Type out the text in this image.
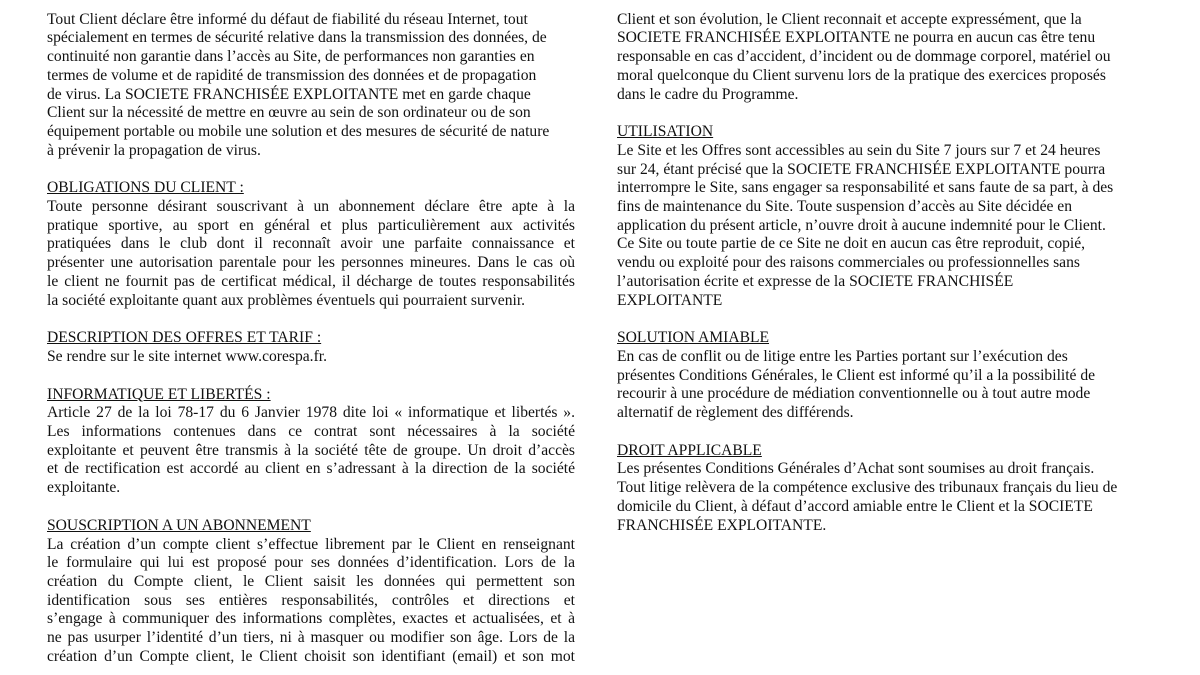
Tout Client déclare être informé du défaut de fiabilité du réseau Internet, tout
spécialement en termes de sécurité relative dans la transmission des données, de
continuité non garantie dans l’accès au Site, de performances non garanties en
termes de volume et de rapidité de transmission des données et de propagation
de virus. La SOCIETE FRANCHISÉE EXPLOITANTE met en garde chaque
Client sur la nécessité de mettre en œuvre au sein de son ordinateur ou de son
équipement portable ou mobile une solution et des mesures de sécurité de nature
à prévenir la propagation de virus.
OBLIGATIONS DU CLIENT :
Toute personne désirant souscrivant à un abonnement déclare être apte à la
pratique sportive, au sport en général et plus particulièrement aux activités
pratiquées dans le club dont il reconnaît avoir une parfaite connaissance et
présenter une autorisation parentale pour les personnes mineures. Dans le cas où
le client ne fournit pas de certificat médical, il décharge de toutes responsabilités
la société exploitante quant aux problèmes éventuels qui pourraient survenir.
DESCRIPTION DES OFFRES ET TARIF :
Se rendre sur le site internet www.corespa.fr.
INFORMATIQUE ET LIBERTÉS :
Article 27 de la loi 78-17 du 6 Janvier 1978 dite loi « informatique et libertés ».
Les informations contenues dans ce contrat sont nécessaires à la société
exploitante et peuvent être transmis à la société tête de groupe. Un droit d’accès
et de rectification est accordé au client en s’adressant à la direction de la société
exploitante.
SOUSCRIPTION A UN ABONNEMENT
La création d’un compte client s’effectue librement par le Client en renseignant
le formulaire qui lui est proposé pour ses données d’identification. Lors de la
création du Compte client, le Client saisit les données qui permettent son
identification sous ses entières responsabilités, contrôles et directions et
s’engage à communiquer des informations complètes, exactes et actualisées, et à
ne pas usurper l’identité d’un tiers, ni à masquer ou modifier son âge. Lors de la
création d’un Compte client, le Client choisit son identifiant (email) et son mot
Client et son évolution, le Client reconnait et accepte expressément, que la
SOCIETE FRANCHISÉE EXPLOITANTE ne pourra en aucun cas être tenu
responsable en cas d’accident, d’incident ou de dommage corporel, matériel ou
moral quelconque du Client survenu lors de la pratique des exercices proposés
dans le cadre du Programme.
UTILISATION
Le Site et les Offres sont accessibles au sein du Site 7 jours sur 7 et 24 heures
sur 24, étant précisé que la SOCIETE FRANCHISÉE EXPLOITANTE pourra
interrompre le Site, sans engager sa responsabilité et sans faute de sa part, à des
fins de maintenance du Site. Toute suspension d’accès au Site décidée en
application du présent article, n’ouvre droit à aucune indemnité pour le Client.
Ce Site ou toute partie de ce Site ne doit en aucun cas être reproduit, copié,
vendu ou exploité pour des raisons commerciales ou professionnelles sans
l’autorisation écrite et expresse de la SOCIETE FRANCHISÉE
EXPLOITANTE
SOLUTION AMIABLE
En cas de conflit ou de litige entre les Parties portant sur l’exécution des
présentes Conditions Générales, le Client est informé qu’il a la possibilité de
recourir à une procédure de médiation conventionnelle ou à tout autre mode
alternatif de règlement des différends.
DROIT APPLICABLE
Les présentes Conditions Générales d’Achat sont soumises au droit français.
Tout litige relèvera de la compétence exclusive des tribunaux français du lieu de
domicile du Client, à défaut d’accord amiable entre le Client et la SOCIETE
FRANCHISÉE EXPLOITANTE.
